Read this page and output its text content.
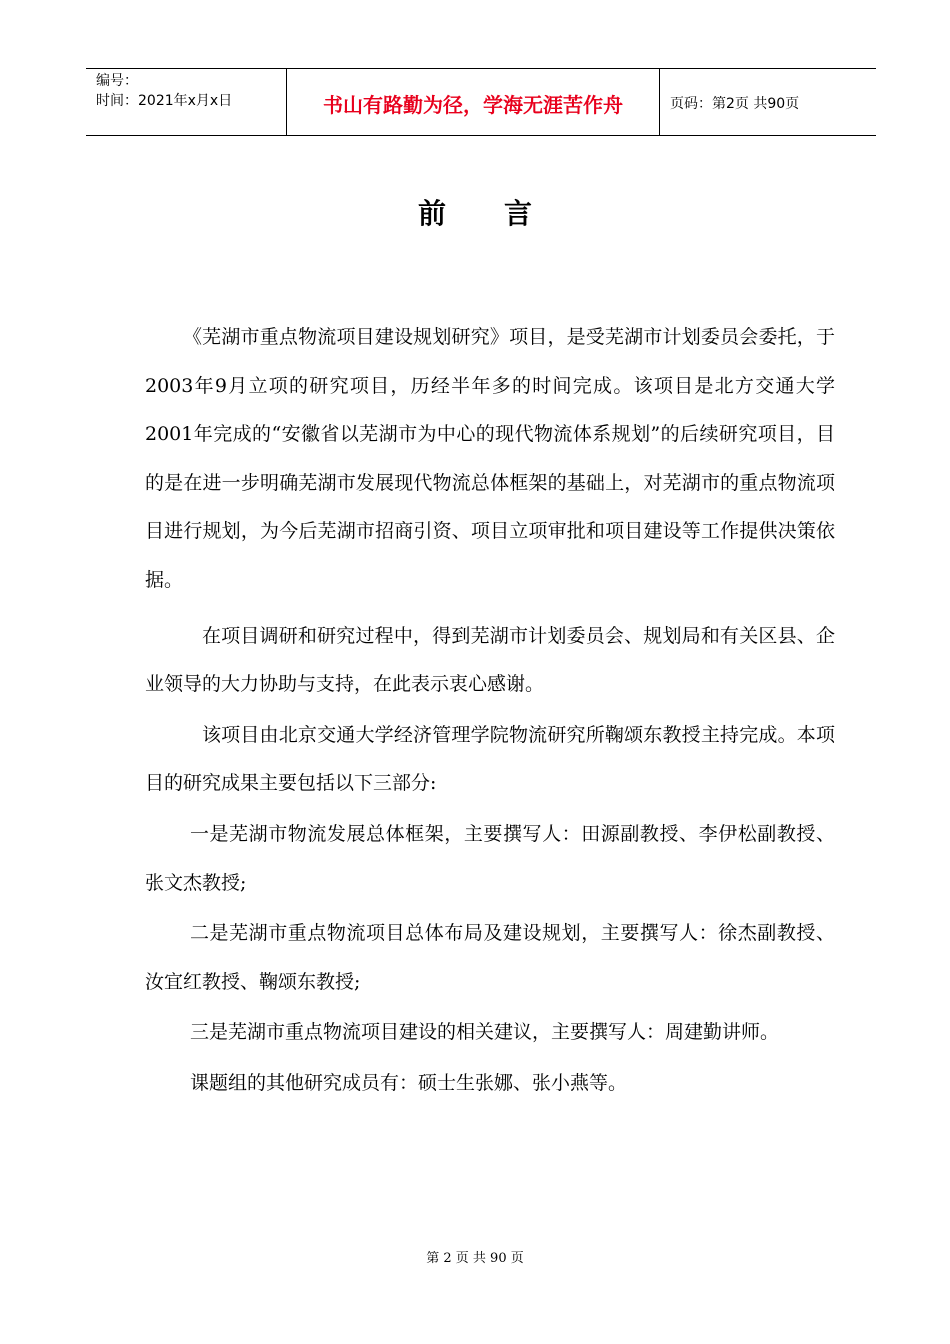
编号：
时间：2021年x月x日	书山有路勤为径，学海无涯苦作舟	页码：第2页 共90页
前言

《芜湖市重点物流项目建设规划研究》项目，是受芜湖市计划委员会委托，于2003年9月立项的研究项目，历经半年多的时间完成。该项目是北方交通大学2001年完成的“安徽省以芜湖市为中心的现代物流体系规划”的后续研究项目，目的是在进一步明确芜湖市发展现代物流总体框架的基础上，对芜湖市的重点物流项目进行规划，为今后芜湖市招商引资、项目立项审批和项目建设等工作提供决策依据。

在项目调研和研究过程中，得到芜湖市计划委员会、规划局和有关区县、企业领导的大力协助与支持，在此表示衷心感谢。

该项目由北京交通大学经济管理学院物流研究所鞠颂东教授主持完成。本项目的研究成果主要包括以下三部分:

一是芜湖市物流发展总体框架，主要撰写人：田源副教授、李伊松副教授、张文杰教授;

二是芜湖市重点物流项目总体布局及建设规划，主要撰写人：徐杰副教授、汝宜红教授、鞠颂东教授;

三是芜湖市重点物流项目建设的相关建议，主要撰写人：周建勤讲师。

课题组的其他研究成员有：硕士生张娜、张小燕等。

第 2 页 共 90 页
